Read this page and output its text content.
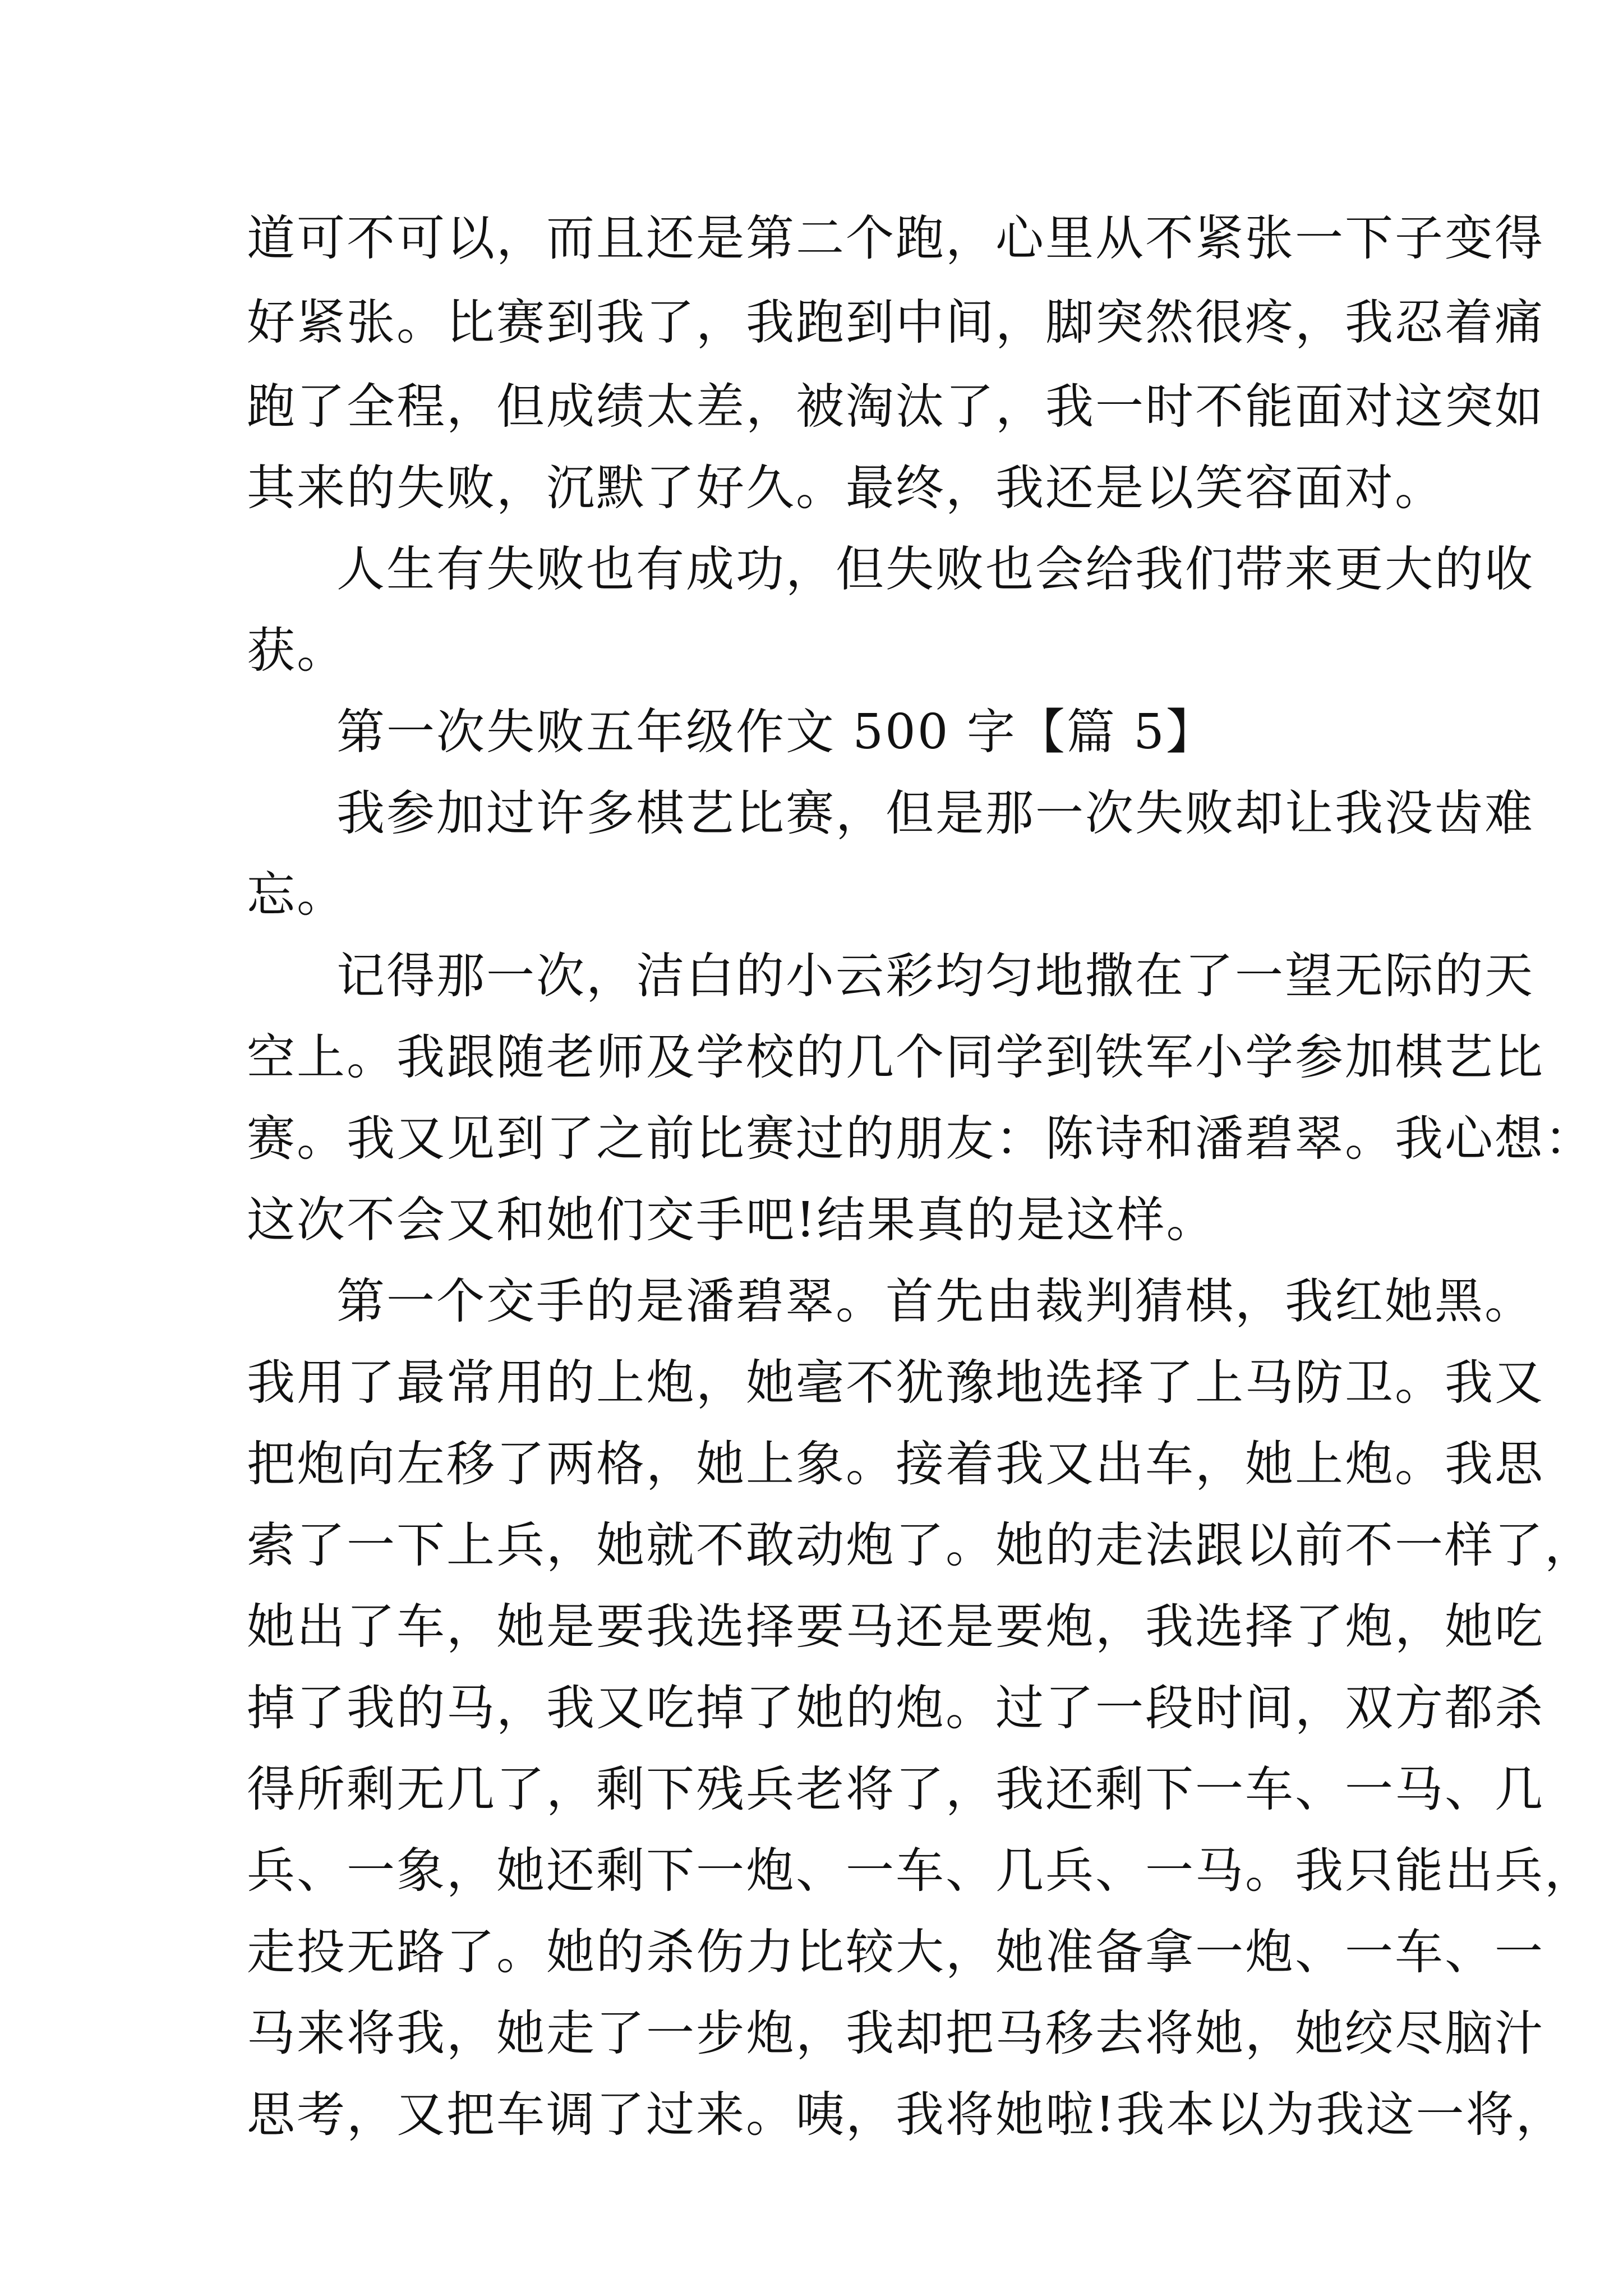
道可不可以，而且还是第二个跑，心里从不紧张一下子变得
好紧张。比赛到我了，我跑到中间，脚突然很疼，我忍着痛
跑了全程，但成绩太差，被淘汰了，我一时不能面对这突如
其来的失败，沉默了好久。最终，我还是以笑容面对。
人生有失败也有成功，但失败也会给我们带来更大的收
获。
第一次失败五年级作文 500 字【篇 5】
我参加过许多棋艺比赛，但是那一次失败却让我没齿难
忘。
记得那一次，洁白的小云彩均匀地撒在了一望无际的天
空上。我跟随老师及学校的几个同学到铁军小学参加棋艺比
赛。我又见到了之前比赛过的朋友：陈诗和潘碧翠。我心想：
这次不会又和她们交手吧!结果真的是这样。
第一个交手的是潘碧翠。首先由裁判猜棋，我红她黑。
我用了最常用的上炮，她毫不犹豫地选择了上马防卫。我又
把炮向左移了两格，她上象。接着我又出车，她上炮。我思
索了一下上兵，她就不敢动炮了。她的走法跟以前不一样了，
她出了车，她是要我选择要马还是要炮，我选择了炮，她吃
掉了我的马，我又吃掉了她的炮。过了一段时间，双方都杀
得所剩无几了，剩下残兵老将了，我还剩下一车、一马、几
兵、一象，她还剩下一炮、一车、几兵、一马。我只能出兵，
走投无路了。她的杀伤力比较大，她准备拿一炮、一车、一
马来将我，她走了一步炮，我却把马移去将她，她绞尽脑汁
思考，又把车调了过来。咦，我将她啦!我本以为我这一将，
